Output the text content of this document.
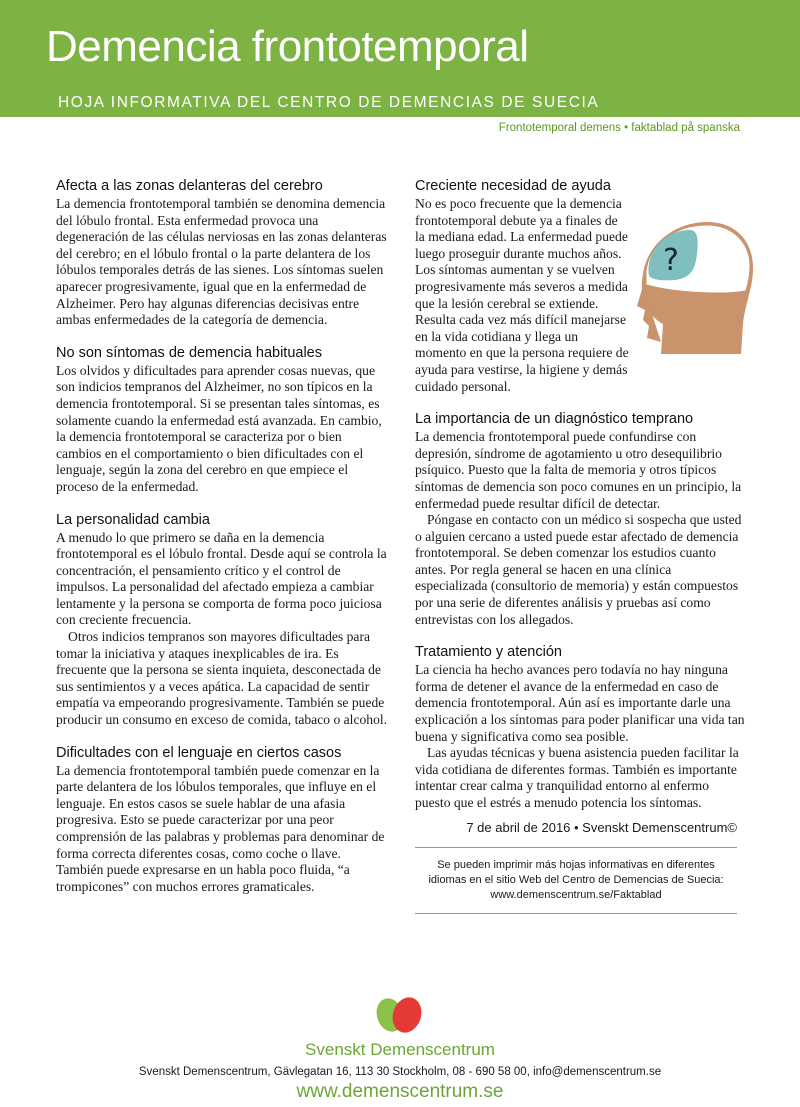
Demencia frontotemporal
HOJA INFORMATIVA DEL CENTRO DE DEMENCIAS DE SUECIA
Frontotemporal demens • faktablad på spanska
Afecta a las zonas delanteras del cerebro

La demencia frontotemporal también se denomina demencia del lóbulo frontal. Esta enfermedad provoca una degeneración de las células nerviosas en las zonas delanteras del cerebro; en el lóbulo frontal o la parte delantera de los lóbulos temporales detrás de las sienes. Los síntomas suelen aparecer progresivamente, igual que en la enfermedad de Alzheimer. Pero hay algunas diferencias decisivas entre ambas enfermedades de la categoría de demencia.

No son síntomas de demencia habituales

Los olvidos y dificultades para aprender cosas nuevas, que son indicios tempranos del Alzheimer, no son típicos en la demencia frontotemporal. Si se presentan tales síntomas, es solamente cuando la enfermedad está avanzada. En cambio, la demencia frontotemporal se caracteriza por o bien cambios en el comportamiento o bien dificultades con el lenguaje, según la zona del cerebro en que empiece el proceso de la enfermedad.

La personalidad cambia

A menudo lo que primero se daña en la demencia frontotemporal es el lóbulo frontal. Desde aquí se controla la concentración, el pensamiento crítico y el control de impulsos. La personalidad del afectado empieza a cambiar lentamente y la persona se comporta de forma poco juiciosa con creciente frecuencia.

Otros indicios tempranos son mayores dificultades para tomar la iniciativa y ataques inexplicables de ira. Es frecuente que la persona se sienta inquieta, desconectada de sus sentimientos y a veces apática. La capacidad de sentir empatía va empeorando progresivamente. También se puede producir un consumo en exceso de comida, tabaco o alcohol.

Dificultades con el lenguaje en ciertos casos

La demencia frontotemporal también puede comenzar en la parte delantera de los lóbulos temporales, que influye en el lenguaje. En estos casos se suele hablar de una afasia progresiva. Esto se puede caracterizar por una peor comprensión de las palabras y problemas para denominar de forma correcta diferentes cosas, como coche o llave. También puede expresarse en un habla poco fluida, “a trompicones” con muchos errores gramaticales.

Creciente necesidad de ayuda
?

No es poco frecuente que la demencia frontotemporal debute ya a finales de la mediana edad. La enfermedad puede luego proseguir durante muchos años. Los síntomas aumentan y se vuelven progresivamente más severos a medida que la lesión cerebral se extiende. Resulta cada vez más difícil manejarse en la vida cotidiana y llega un momento en que la persona requiere de ayuda para vestirse, la higiene y demás cuidado personal.

La importancia de un diagnóstico temprano

La demencia frontotemporal puede confundirse con depresión, síndrome de agotamiento u otro desequilibrio psíquico. Puesto que la falta de memoria y otros típicos síntomas de demencia son poco comunes en un principio, la enfermedad puede resultar difícil de detectar.

Póngase en contacto con un médico si sospecha que usted o alguien cercano a usted puede estar afectado de demencia frontotemporal. Se deben comenzar los estudios cuanto antes. Por regla general se hacen en una clínica especializada (consultorio de memoria) y están compuestos por una serie de diferentes análisis y pruebas así como entrevistas con los allegados.

Tratamiento y atención

La ciencia ha hecho avances pero todavía no hay ninguna forma de detener el avance de la enfermedad en caso de demencia frontotemporal. Aún así es importante darle una explicación a los síntomas para poder planificar una vida tan buena y significativa como sea posible.

Las ayudas técnicas y buena asistencia pueden facilitar la vida cotidiana de diferentes formas. También es importante intentar crear calma y tranquilidad entorno al enfermo puesto que el estrés a menudo potencia los síntomas.

7 de abril de 2016 • Svenskt Demenscentrum©
Se pueden imprimir más hojas informativas en diferentes
idiomas en el sitio Web del Centro de Demencias de Suecia:
www.demenscentrum.se/Faktablad
Svenskt Demenscentrum
Svenskt Demenscentrum, Gävlegatan 16, 113 30 Stockholm, 08 - 690 58 00, info@demenscentrum.se
www.demenscentrum.se
